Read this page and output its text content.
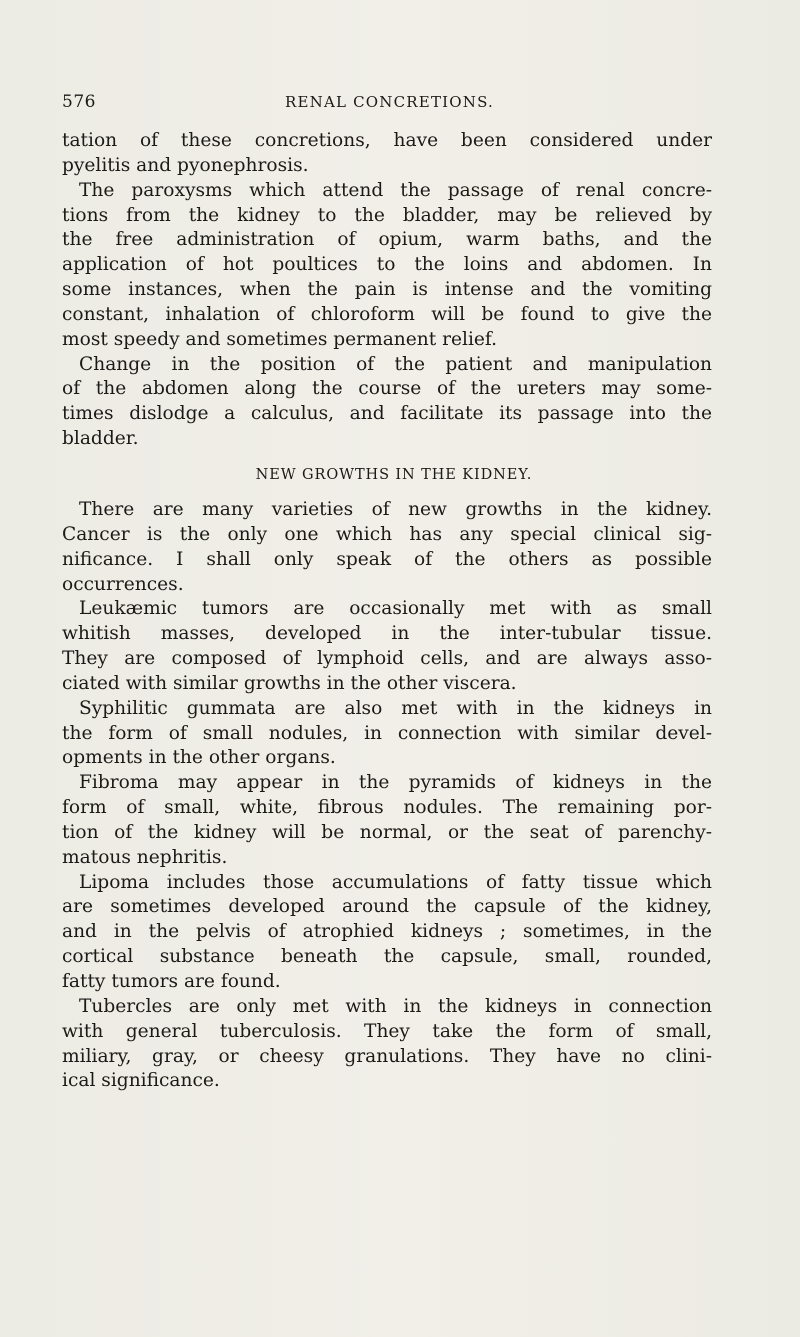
576	RENAL CONCRETIONS.
tation of these concretions, have been considered under
pyelitis and pyonephrosis.
The paroxysms which attend the passage of renal concre-
tions from the kidney to the bladder, may be relieved by
the free administration of opium, warm baths, and the
application of hot poultices to the loins and abdomen. In
some instances, when the pain is intense and the vomiting
constant, inhalation of chloroform will be found to give the
most speedy and sometimes permanent relief.
Change in the position of the patient and manipulation
of the abdomen along the course of the ureters may some-
times dislodge a calculus, and facilitate its passage into the
bladder.
NEW GROWTHS IN THE KIDNEY.
There are many varieties of new growths in the kidney.
Cancer is the only one which has any special clinical sig-
nificance. I shall only speak of the others as possible
occurrences.
Leukæmic tumors are occasionally met with as small
whitish masses, developed in the inter-tubular tissue.
They are composed of lymphoid cells, and are always asso-
ciated with similar growths in the other viscera.
Syphilitic gummata are also met with in the kidneys in
the form of small nodules, in connection with similar devel-
opments in the other organs.
Fibroma may appear in the pyramids of kidneys in the
form of small, white, fibrous nodules. The remaining por-
tion of the kidney will be normal, or the seat of parenchy-
matous nephritis.
Lipoma includes those accumulations of fatty tissue which
are sometimes developed around the capsule of the kidney,
and in the pelvis of atrophied kidneys ; sometimes, in the
cortical substance beneath the capsule, small, rounded,
fatty tumors are found.
Tubercles are only met with in the kidneys in connection
with general tuberculosis. They take the form of small,
miliary, gray, or cheesy granulations. They have no clini-
ical significance.
